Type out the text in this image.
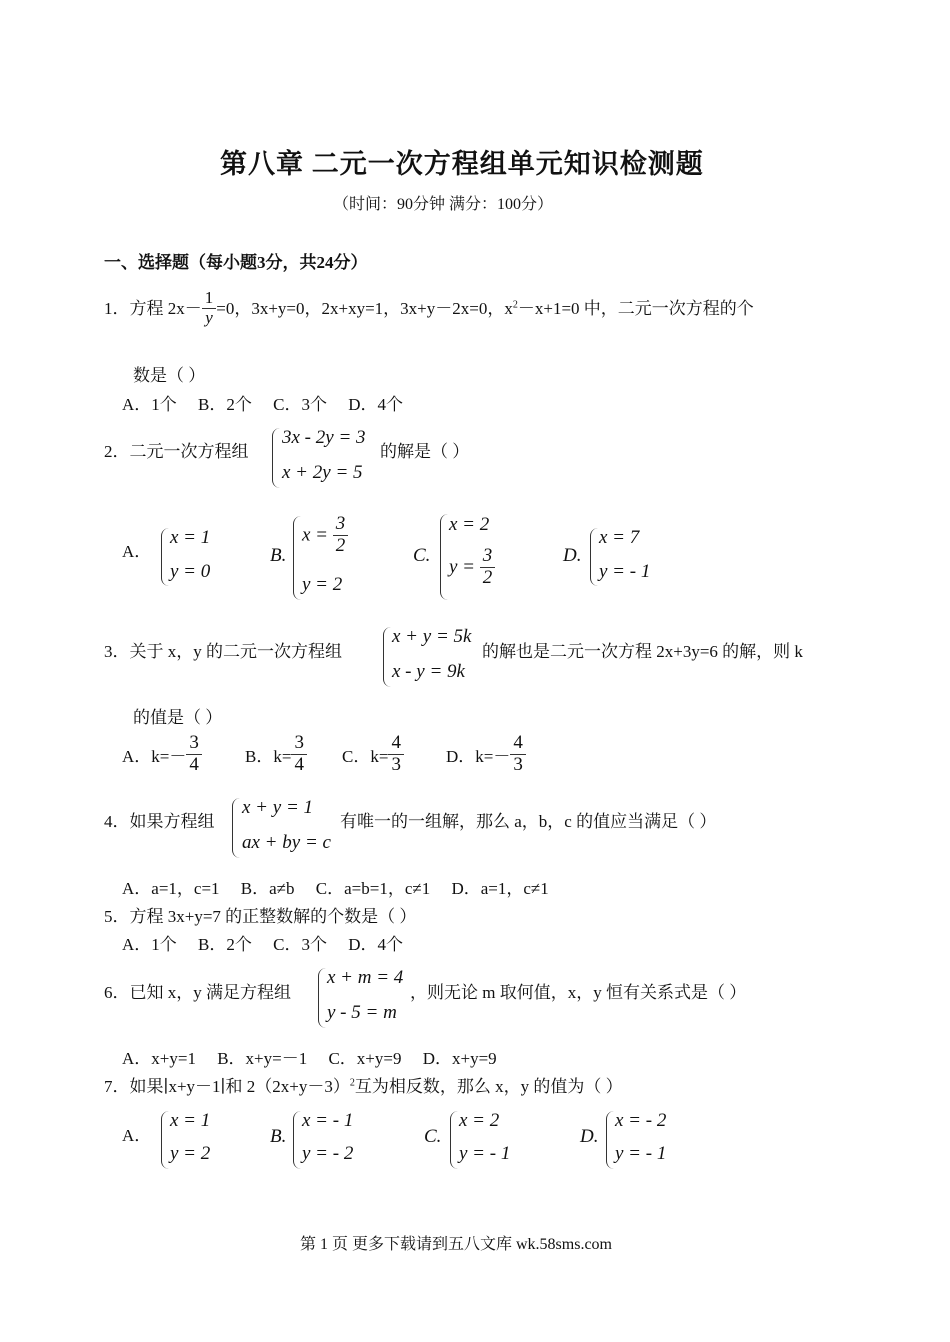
第八章 二元一次方程组单元知识检测题
（时间：90分钟 满分：100分）
一、选择题（每小题3分，共24分）
1．方程 $2x- \frac{1}{y} =0$，3x+y=0，2x+xy=1，3x+y－2x=0，$x^2-x+1=0$ 中，二元一次方程的个
数是（ ）
A．1个　 B．2个　 C．3个　 D．4个
2．二元一次方程组
3x - 2y = 3
x + 2y = 5
的解是（ ）
A．
x = 1
y = 0
B.
$x = \frac{3}{2}$
y = 2
C.
x = 2
$y = \frac{3}{2}$	D.
x = 7
y = - 1
3．关于 x，y 的二元一次方程组
x + y = 5k
x - y = 9k
的解也是二元一次方程 2x+3y=6 的解，则 k
的值是（ ）
A．$k=- \frac{3}{4}$	B．$k= \frac{3}{4}$ C．$k= \frac{4}{3}$ D．$k=- \frac{4}{3}$
4．如果方程组
x + y = 1
ax + by = c
有唯一的一组解，那么 a，b，c 的值应当满足（ ）
A．a=1，c=1　 B．a≠b　 C．a=b=1，c≠1　 D．a=1，c≠1
5．方程 3x+y=7 的正整数解的个数是（ ）
A．1个　 B．2个　 C．3个　 D．4个
6．已知 x，y 满足方程组
x + m = 4
y - 5 = m
，则无论 m 取何值，x，y 恒有关系式是（ ）
A．x+y=1　 B．x+y=－1　 C．x+y=9　 D．x+y=9
7．如果∣x+y－1∣和 $2(2x+y-3)^2$互为相反数，那么 x，y 的值为（ ）
A．
x = 1
y = 2
B.
x = - 1
y = - 2
C.
x = 2
y = - 1
D.
x = - 2
y = - 1
第 1 页 更多下载请到五八文库 wk.58sms.com
